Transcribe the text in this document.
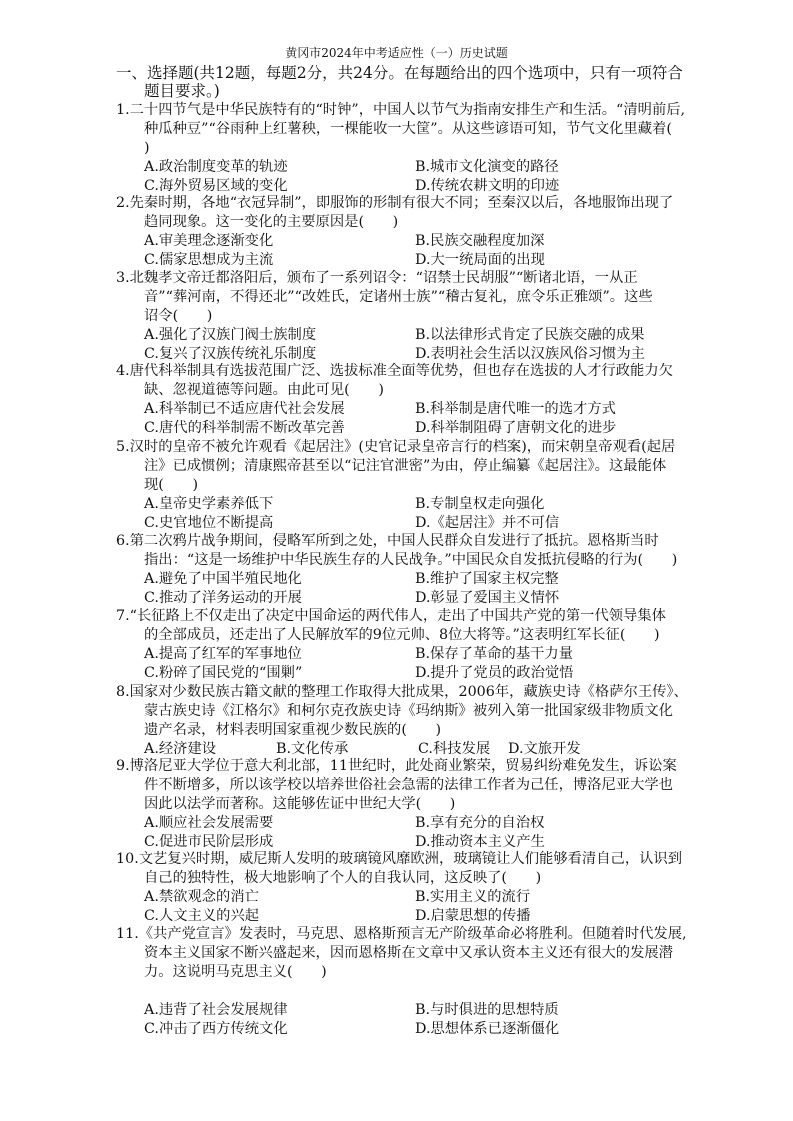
黄冈市2024年中考适应性（一）历史试题
一、选择题(共12题，每题2分，共24分。在每题给出的四个选项中，只有一项符合
题目要求。)
1.二十四节气是中华民族特有的“时钟”，中国人以节气为指南安排生产和生活。“清明前后,
种瓜种豆”“谷雨种上红薯秧，一棵能收一大筐”。从这些谚语可知，节气文化里藏着(
)
A.政治制度变革的轨迹	B.城市文化演变的路径
C.海外贸易区域的变化	D.传统农耕文明的印迹
2.先秦时期，各地“衣冠异制”，即服饰的形制有很大不同；至秦汉以后，各地服饰出现了
趋同现象。这一变化的主要原因是(　　)
A.审美理念逐渐变化	B.民族交融程度加深
C.儒家思想成为主流	D.大一统局面的出现
3.北魏孝文帝迁都洛阳后，颁布了一系列诏令：“诏禁士民胡服”“断诸北语，一从正
音”“葬河南，不得还北”“改姓氏，定诸州士族”“稽古复礼，庶令乐正雅颂”。这些
诏令(　　)
A.强化了汉族门阀士族制度	B.以法律形式肯定了民族交融的成果
C.复兴了汉族传统礼乐制度	D.表明社会生活以汉族风俗习惯为主
4.唐代科举制具有选拔范围广泛、选拔标准全面等优势，但也存在选拔的人才行政能力欠
缺、忽视道德等问题。由此可见(　　)
A.科举制已不适应唐代社会发展	B.科举制是唐代唯一的选才方式
C.唐代的科举制需不断改革完善	D.科举制阻碍了唐朝文化的进步
5.汉时的皇帝不被允许观看《起居注》(史官记录皇帝言行的档案)，而宋朝皇帝观看(起居
注》已成惯例；清康熙帝甚至以“记注官泄密”为由，停止编纂《起居注》。这最能体
现(　　)
A.皇帝史学素养低下	B.专制皇权走向强化
C.史官地位不断提高	D.《起居注》并不可信
6.第二次鸦片战争期间，侵略军所到之处，中国人民群众自发进行了抵抗。恩格斯当时
指出：“这是一场维护中华民族生存的人民战争。”中国民众自发抵抗侵略的行为(　　)
A.避免了中国半殖民地化	B.维护了国家主权完整
C.推动了洋务运动的开展	D.彰显了爱国主义情怀
7.“长征路上不仅走出了决定中国命运的两代伟人，走出了中国共产党的第一代领导集体
的全部成员，还走出了人民解放军的9位元帅、8位大将等。”这表明红军长征(　　)
A.提高了红军的军事地位	B.保存了革命的基干力量
C.粉碎了国民党的“围剿”	D.提升了党员的政治觉悟
8.国家对少数民族古籍文献的整理工作取得大批成果，2006年，藏族史诗《格萨尔王传》、
蒙古族史诗《江格尔》和柯尔克孜族史诗《玛纳斯》被列入第一批国家级非物质文化
遗产名录，材料表明国家重视少数民族的(　　)
A.经济建设	B.文化传承	C.科技发展 D.文旅开发
9.博洛尼亚大学位于意大利北部，11世纪时，此处商业繁荣，贸易纠纷难免发生，诉讼案
件不断增多，所以该学校以培养世俗社会急需的法律工作者为己任，博洛尼亚大学也
因此以法学而著称。这能够佐证中世纪大学(　　)
A.顺应社会发展需要	B.享有充分的自治权
C.促进市民阶层形成	D.推动资本主义产生
10.文艺复兴时期，威尼斯人发明的玻璃镜风靡欧洲，玻璃镜让人们能够看清自己，认识到
自己的独特性，极大地影响了个人的自我认同，这反映了(　　)
A.禁欲观念的消亡	B.实用主义的流行
C.人文主义的兴起	D.启蒙思想的传播
11.《共产党宣言》发表时，马克思、恩格斯预言无产阶级革命必将胜利。但随着时代发展,
资本主义国家不断兴盛起来，因而恩格斯在文章中又承认资本主义还有很大的发展潜
力。这说明马克思主义(　　)
A.违背了社会发展规律	B.与时俱进的思想特质
C.冲击了西方传统文化	D.思想体系已逐渐僵化
